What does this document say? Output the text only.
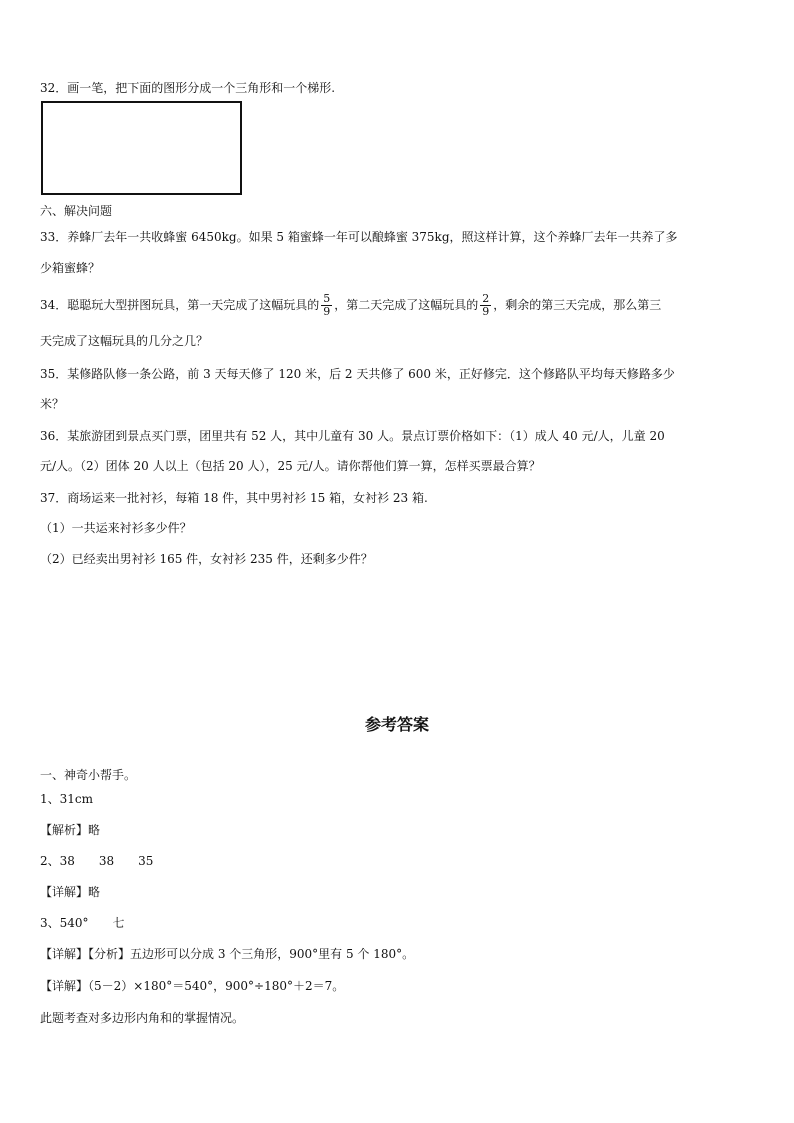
32．画一笔，把下面的图形分成一个三角形和一个梯形.
六、解决问题
33．养蜂厂去年一共收蜂蜜 6450kg。如果 5 箱蜜蜂一年可以酿蜂蜜 375kg，照这样计算，这个养蜂厂去年一共养了多
少箱蜜蜂？
34．聪聪玩大型拼图玩具，第一天完成了这幅玩具的 $\frac{5}{9}$ ，第二天完成了这幅玩具的 $\frac{2}{9}$ ，剩余的第三天完成，那么第三
天完成了这幅玩具的几分之几？
35．某修路队修一条公路，前 3 天每天修了 120 米，后 2 天共修了 600 米，正好修完．这个修路队平均每天修路多少
米？
36．某旅游团到景点买门票，团里共有 52 人，其中儿童有 30 人。景点订票价格如下：（1）成人 40 元/人，儿童 20
元/人。（2）团体 20 人以上（包括 20 人），25 元/人。请你帮他们算一算，怎样买票最合算？
37．商场运来一批衬衫，每箱 18 件，其中男衬衫 15 箱，女衬衫 23 箱.
（1）一共运来衬衫多少件？
（2）已经卖出男衬衫 165 件，女衬衫 235 件，还剩多少件？
参考答案
一、神奇小帮手。
1、31cm
【解析】略
2、38　　38　　35
【详解】略
3、540°　　七
【详解】【分析】五边形可以分成 3 个三角形，900°里有 5 个 180°。
【详解】（5－2）×180°＝540°，900°÷180°＋2＝7。
此题考查对多边形内角和的掌握情况。
